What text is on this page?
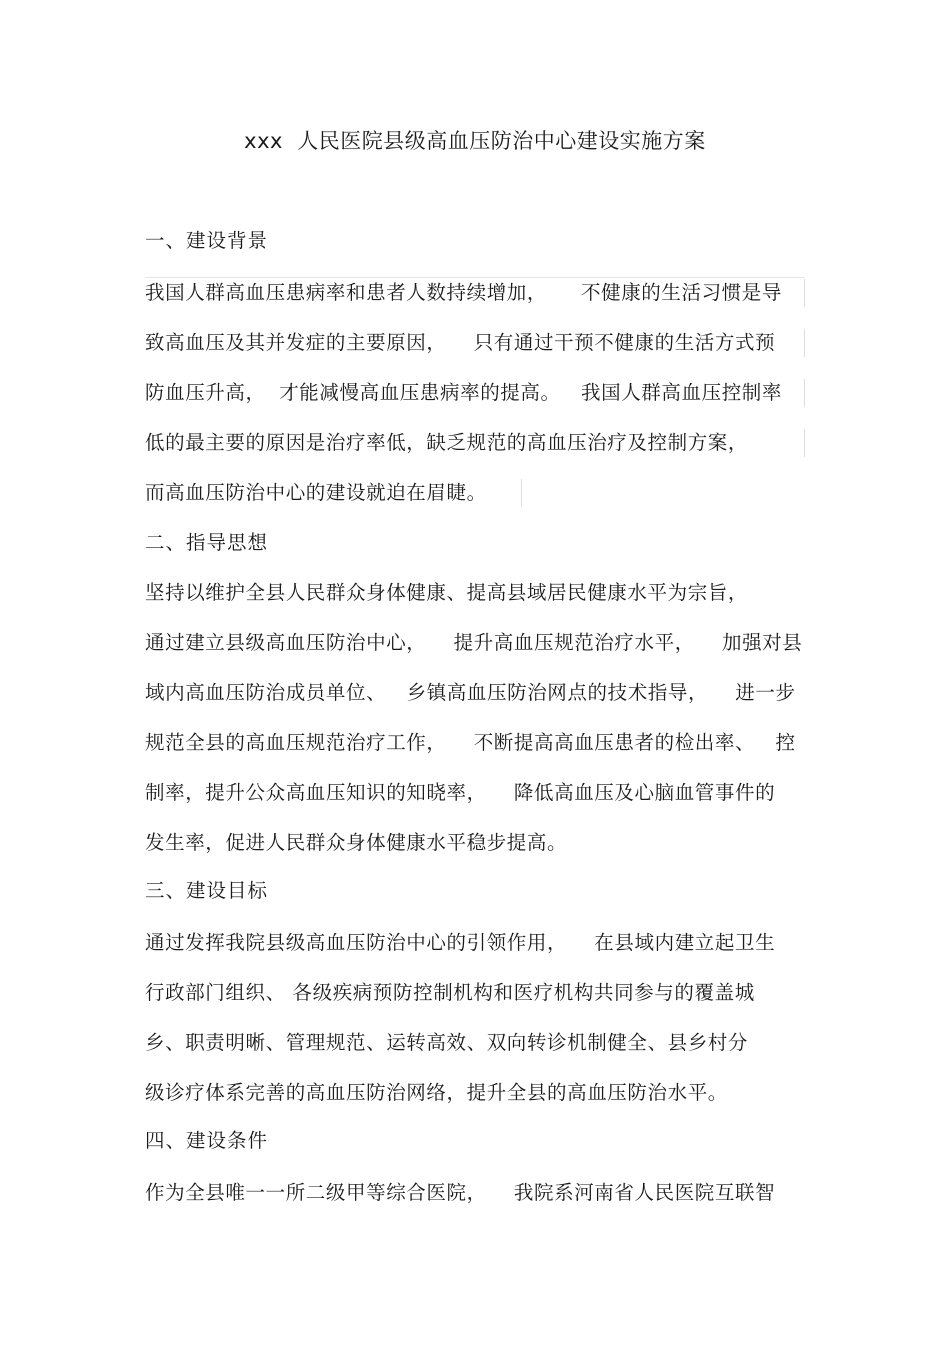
xxx  人民医院县级高血压防治中心建设实施方案
一、建设背景
我国人群高血压患病率和患者人数持续增加，     不健康的生活习惯是导
致高血压及其并发症的主要原因，    只有通过干预不健康的生活方式预
防血压升高，  才能减慢高血压患病率的提高。   我国人群高血压控制率
低的最主要的原因是治疗率低，缺乏规范的高血压治疗及控制方案，
而高血压防治中心的建设就迫在眉睫。
二、指导思想
坚持以维护全县人民群众身体健康、提高县域居民健康水平为宗旨，
通过建立县级高血压防治中心，    提升高血压规范治疗水平，    加强对县
域内高血压防治成员单位、   乡镇高血压防治网点的技术指导，    进一步
规范全县的高血压规范治疗工作，    不断提高高血压患者的检出率、   控
制率，提升公众高血压知识的知晓率，    降低高血压及心脑血管事件的
发生率，促进人民群众身体健康水平稳步提高。
三、建设目标
通过发挥我院县级高血压防治中心的引领作用，    在县域内建立起卫生
行政部门组织、 各级疾病预防控制机构和医疗机构共同参与的覆盖城
乡、职责明晰、管理规范、运转高效、双向转诊机制健全、县乡村分
级诊疗体系完善的高血压防治网络，提升全县的高血压防治水平。
四、建设条件
作为全县唯一一所二级甲等综合医院，    我院系河南省人民医院互联智
